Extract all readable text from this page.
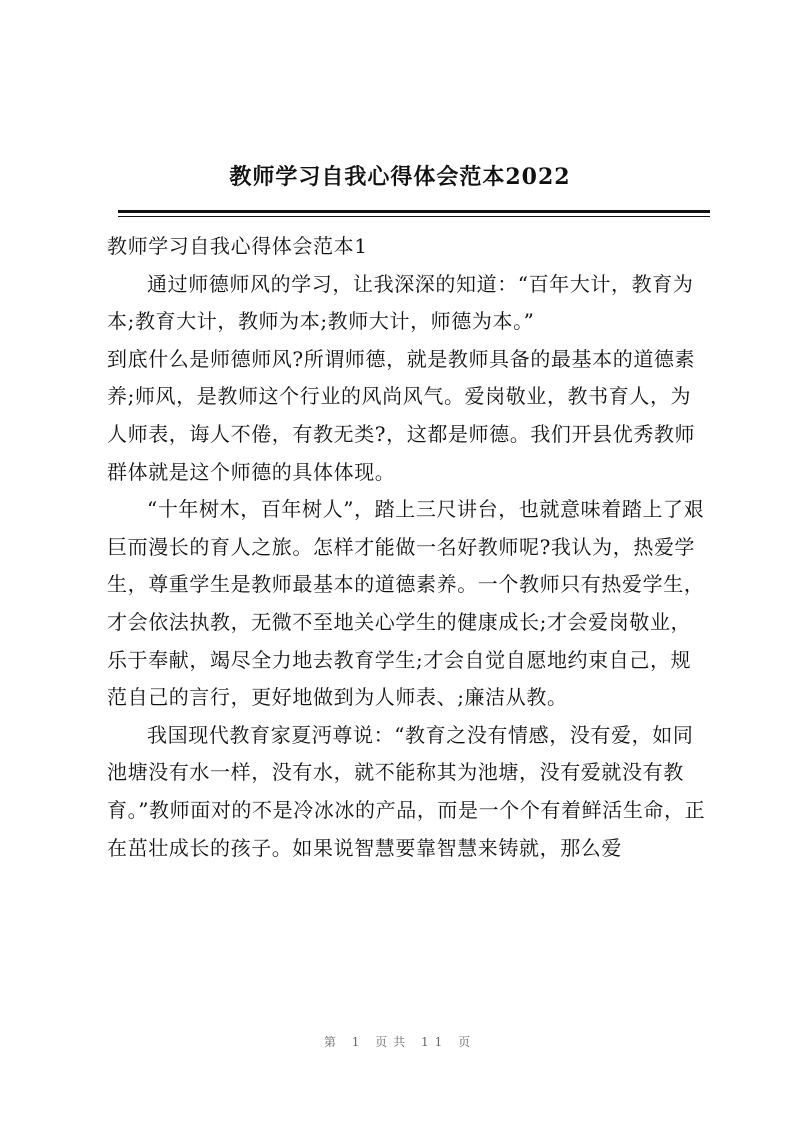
教师学习自我心得体会范本2022

教师学习自我心得体会范本1

通过师德师风的学习，让我深深的知道：“百年大计，教育为本;教育大计，教师为本;教师大计，师德为本。”

到底什么是师德师风?所谓师德，就是教师具备的最基本的道德素养;师风，是教师这个行业的风尚风气。爱岗敬业，教书育人，为人师表，诲人不倦，有教无类?，这都是师德。我们开县优秀教师群体就是这个师德的具体体现。

“十年树木，百年树人”，踏上三尺讲台，也就意味着踏上了艰巨而漫长的育人之旅。怎样才能做一名好教师呢?我认为，热爱学生，尊重学生是教师最基本的道德素养。一个教师只有热爱学生，才会依法执教，无微不至地关心学生的健康成长;才会爱岗敬业，乐于奉献，竭尽全力地去教育学生;才会自觉自愿地约束自己，规范自己的言行，更好地做到为人师表、;廉洁从教。

我国现代教育家夏沔尊说：“教育之没有情感，没有爱，如同池塘没有水一样，没有水，就不能称其为池塘，没有爱就没有教育。”教师面对的不是冷冰冰的产品，而是一个个有着鲜活生命，正在茁壮成长的孩子。如果说智慧要靠智慧来铸就，那么爱

第 1 页共 11 页
